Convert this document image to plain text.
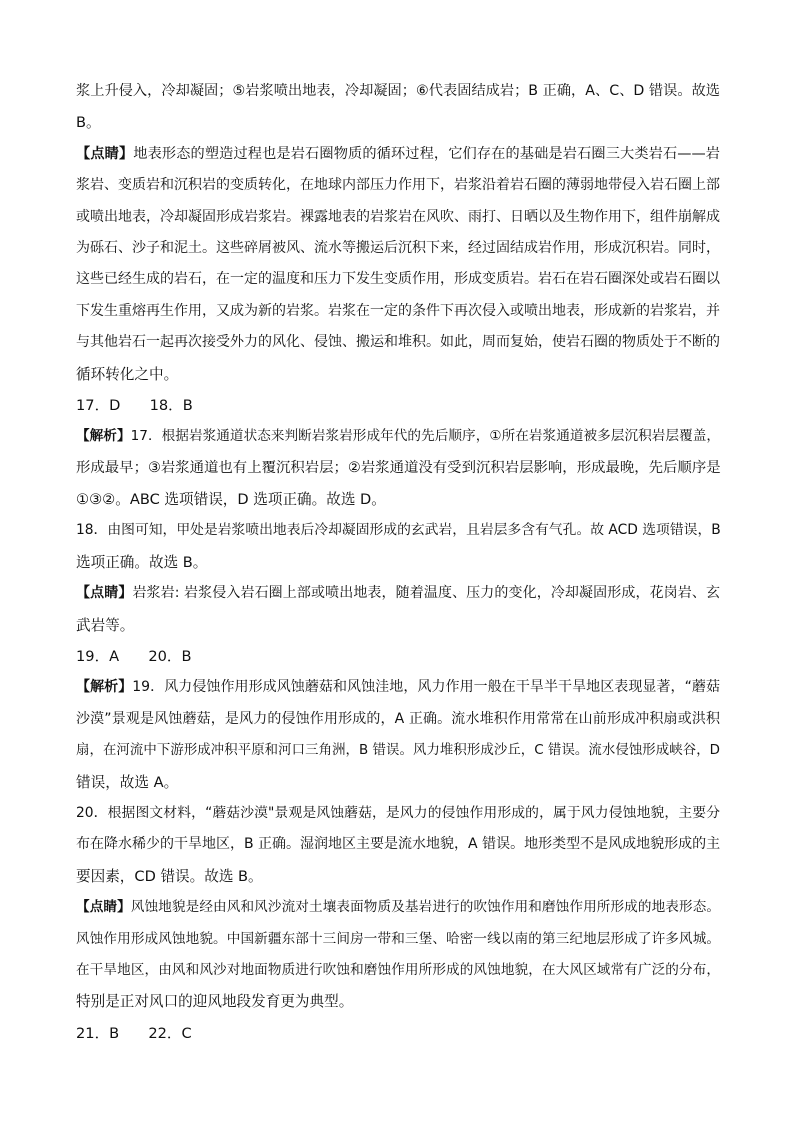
浆上升侵入，冷却凝固；⑤岩浆喷出地表，冷却凝固；⑥代表固结成岩；B 正确，A、C、D 错误。故选
B。
【点睛】地表形态的塑造过程也是岩石圈物质的循环过程，它们存在的基础是岩石圈三大类岩石——岩
浆岩、变质岩和沉积岩的变质转化，在地球内部压力作用下，岩浆沿着岩石圈的薄弱地带侵入岩石圈上部
或喷出地表，冷却凝固形成岩浆岩。裸露地表的岩浆岩在风吹、雨打、日晒以及生物作用下，组件崩解成
为砾石、沙子和泥土。这些碎屑被风、流水等搬运后沉积下来，经过固结成岩作用，形成沉积岩。同时，
这些已经生成的岩石，在一定的温度和压力下发生变质作用，形成变质岩。岩石在岩石圈深处或岩石圈以
下发生重熔再生作用，又成为新的岩浆。岩浆在一定的条件下再次侵入或喷出地表，形成新的岩浆岩，并
与其他岩石一起再次接受外力的风化、侵蚀、搬运和堆积。如此，周而复始，使岩石圈的物质处于不断的
循环转化之中。
17．D　　18．B
【解析】17．根据岩浆通道状态来判断岩浆岩形成年代的先后顺序，①所在岩浆通道被多层沉积岩层覆盖，
形成最早；③岩浆通道也有上覆沉积岩层；②岩浆通道没有受到沉积岩层影响，形成最晚，先后顺序是
①③②。ABC 选项错误，D 选项正确。故选 D。
18．由图可知，甲处是岩浆喷出地表后冷却凝固形成的玄武岩，且岩层多含有气孔。故 ACD 选项错误，B
选项正确。故选 B。
【点睛】岩浆岩: 岩浆侵入岩石圈上部或喷出地表，随着温度、压力的变化，冷却凝固形成，花岗岩、玄
武岩等。
19．A　　20．B
【解析】19．风力侵蚀作用形成风蚀蘑菇和风蚀洼地，风力作用一般在干旱半干旱地区表现显著，“蘑菇
沙漠”景观是风蚀蘑菇，是风力的侵蚀作用形成的，A 正确。流水堆积作用常常在山前形成冲积扇或洪积
扇，在河流中下游形成冲积平原和河口三角洲，B 错误。风力堆积形成沙丘，C 错误。流水侵蚀形成峡谷，D
错误，故选 A。
20．根据图文材料，“蘑菇沙漠"景观是风蚀蘑菇，是风力的侵蚀作用形成的，属于风力侵蚀地貌，主要分
布在降水稀少的干旱地区，B 正确。湿润地区主要是流水地貌，A 错误。地形类型不是风成地貌形成的主
要因素，CD 错误。故选 B。
【点睛】风蚀地貌是经由风和风沙流对土壤表面物质及基岩进行的吹蚀作用和磨蚀作用所形成的地表形态。
风蚀作用形成风蚀地貌。中国新疆东部十三间房一带和三堡、哈密一线以南的第三纪地层形成了许多风城。
在干旱地区，由风和风沙对地面物质进行吹蚀和磨蚀作用所形成的风蚀地貌，在大风区域常有广泛的分布，
特别是正对风口的迎风地段发育更为典型。
21．B　　22．C
